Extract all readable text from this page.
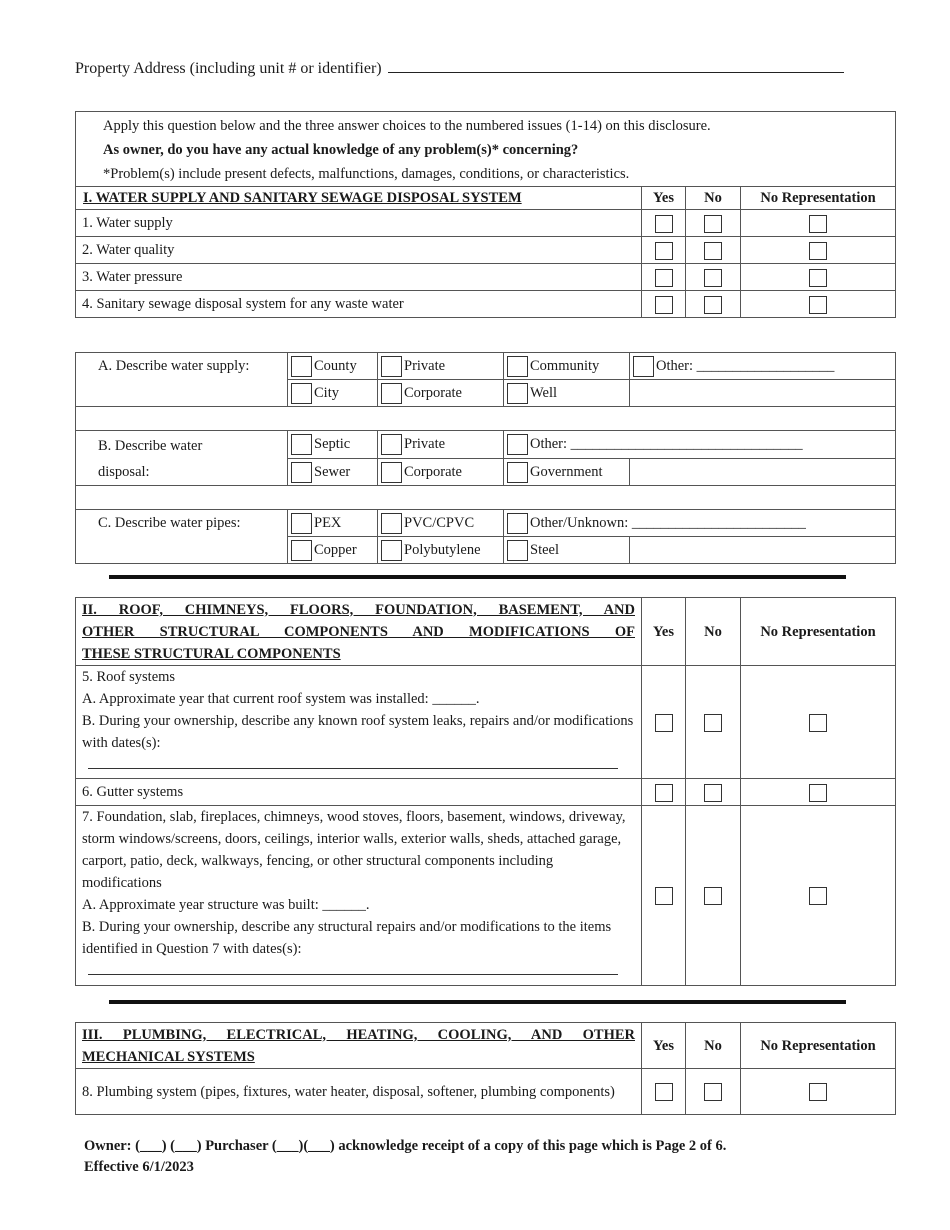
Property Address (including unit # or identifier)
Apply this question below and the three answer choices to the numbered issues (1-14) on this disclosure.
As owner, do you have any actual knowledge of any problem(s)* concerning?
*Problem(s) include present defects, malfunctions, damages, conditions, or characteristics.			

I. WATER SUPPLY AND SANITARY SEWAGE DISPOSAL SYSTEM	Yes	No	No Representation
1. Water supply			
2. Water quality			
3. Water pressure			
4. Sanitary sewage disposal system for any waste water			
A. Describe water supply:	County	Private	Community	Other: ___________________
	City	Corporate	Well	

B. Describe water disposal:	Septic	Private	Other: ________________________________	
	Sewer	Corporate	Government	

C. Describe water pipes:	PEX	PVC/CPVC	Other/Unknown: ________________________	
	Copper	Polybutylene	Steel	
II. ROOF, CHIMNEYS, FLOORS, FOUNDATION, BASEMENT, AND
OTHER STRUCTURAL COMPONENTS AND MODIFICATIONS OF
THESE STRUCTURAL COMPONENTS	Yes	No	No Representation

5. Roof systems
A. Approximate year that current roof system was installed: ______.
B. During your ownership, describe any known roof system leaks, repairs and/or modifications with dates(s):			

6. Gutter systems			

7. Foundation, slab, fireplaces, chimneys, wood stoves, floors, basement, windows, driveway, storm windows/screens, doors, ceilings, interior walls, exterior walls, sheds, attached garage, carport, patio, deck, walkways, fencing, or other structural components including modifications
A. Approximate year structure was built: ______.
B. During your ownership, describe any structural repairs and/or modifications to the items identified in Question 7 with dates(s):			

III. PLUMBING, ELECTRICAL, HEATING, COOLING, AND OTHER
MECHANICAL SYSTEMS	Yes	No	No Representation
8. Plumbing system (pipes, fixtures, water heater, disposal, softener, plumbing components)			
Owner: (___) (___) Purchaser (___)(___) acknowledge receipt of a copy of this page which is Page 2 of 6.
Effective 6/1/2023
